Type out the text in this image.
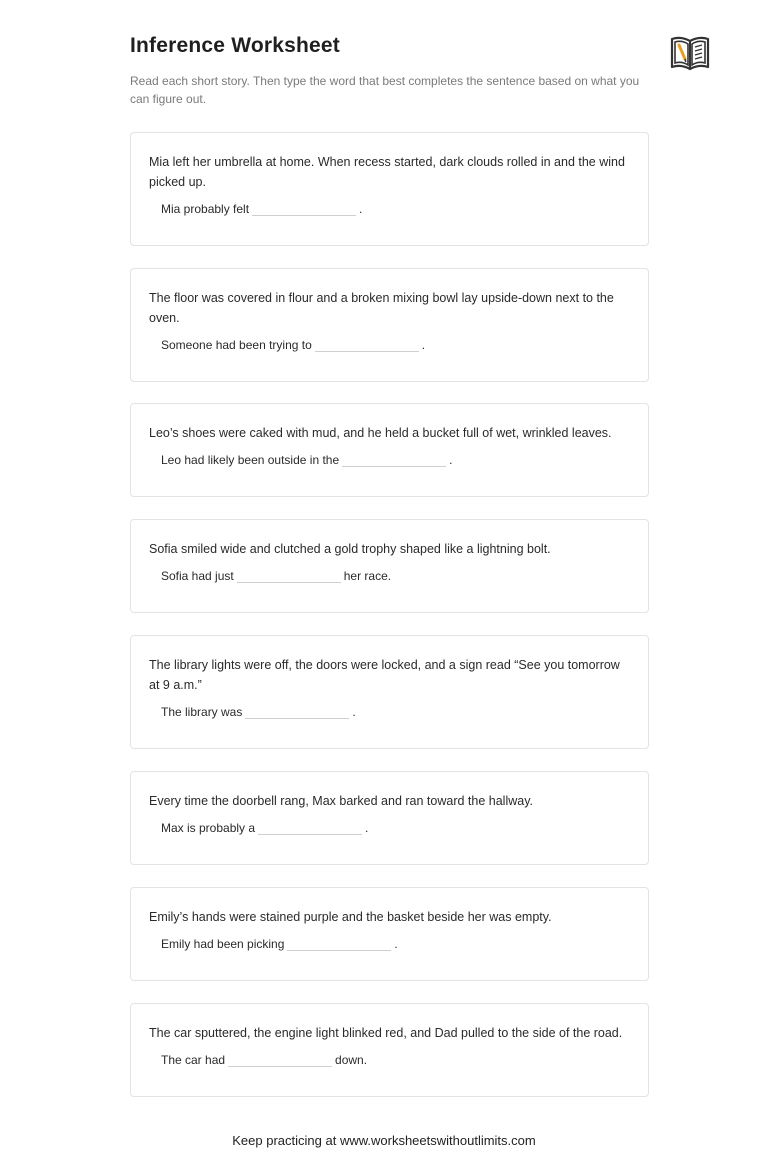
Inference Worksheet
Read each short story. Then type the word that best completes the sentence based on what you can figure out.
Mia left her umbrella at home. When recess started, dark clouds rolled in and the wind picked up.
Mia probably felt	.
The floor was covered in flour and a broken mixing bowl lay upside-down next to the oven.
Someone had been trying to	.
Leo’s shoes were caked with mud, and he held a bucket full of wet, wrinkled leaves.
Leo had likely been outside in the	.
Sofia smiled wide and clutched a gold trophy shaped like a lightning bolt.
Sofia had just	her race.
The library lights were off, the doors were locked, and a sign read “See you tomorrow at 9 a.m.”
The library was	.
Every time the doorbell rang, Max barked and ran toward the hallway.
Max is probably a	.
Emily’s hands were stained purple and the basket beside her was empty.
Emily had been picking	.
The car sputtered, the engine light blinked red, and Dad pulled to the side of the road.
The car had	down.
Keep practicing at www.worksheetswithoutlimits.com
